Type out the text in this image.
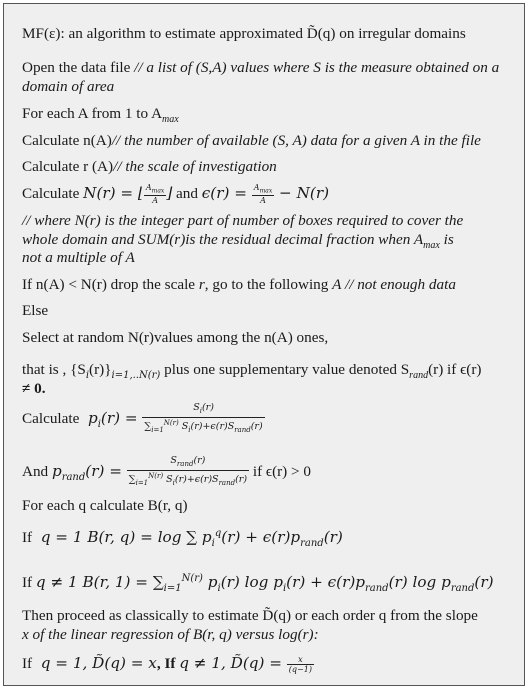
MF(ε): an algorithm to estimate approximated D̃(q) on irregular domains
Open the data file // a list of (S,A) values where S is the measure obtained on a
domain of area
For each A from 1 to $A_{max}$
Calculate n(A)// the number of available (S, A) data for a given A in the file
Calculate r (A)// the scale of investigation
Calculate N(r) = ⌊ $\frac{A_{max}}{A}$ ⌋ and $\epsilon(r) = \frac{A_{max}}{A} - N(r)$
// where N(r) is the integer part of number of boxes required to cover the
whole domain and SUM(r)is the residual decimal fraction when $A_{max}$ is
not a multiple of A
If n(A) < N(r) drop the scale r, go to the following A // not enough data
Else
Select at random N(r)values among the n(A) ones,
that is , $\{S_i(r)\}_{i=1,..N(r)}$ plus one supplementary value denoted $S_{rand}(r)$ if ϵ(r)
≠ 0.
Calculate  $p_i(r) = \frac{S_i(r)}{\sum_{i=1}^{N(r)} S_i(r)+\epsilon(r)S_{rand}(r)}$
And $p_{rand}(r) = \frac{S_{rand}(r)}{\sum_{i=1}^{N(r)} S_i(r)+\epsilon(r)S_{rand}(r)}$ if ϵ(r) > 0
For each q calculate B(r, q)
If  q = 1 B(r, q) = log ∑ $p_i^q(r) + \epsilon(r)p_{rand}(r)$
If q ≠ 1 B(r, $1) = \sum_{i=1}^{N(r)}$ $p_i(r)$ $\log p_i(r) + \epsilon(r)p_{rand}(r)$ $\log p_{rand}(r)$
Then proceed as classically to estimate D̃(q) or each order q from the slope
x of the linear regression of B(r, q) versus log(r):
If  q = 1, D̃(q) = x, If q ≠ 1, D̃(q) = $\frac{x}{(q-1)}$
